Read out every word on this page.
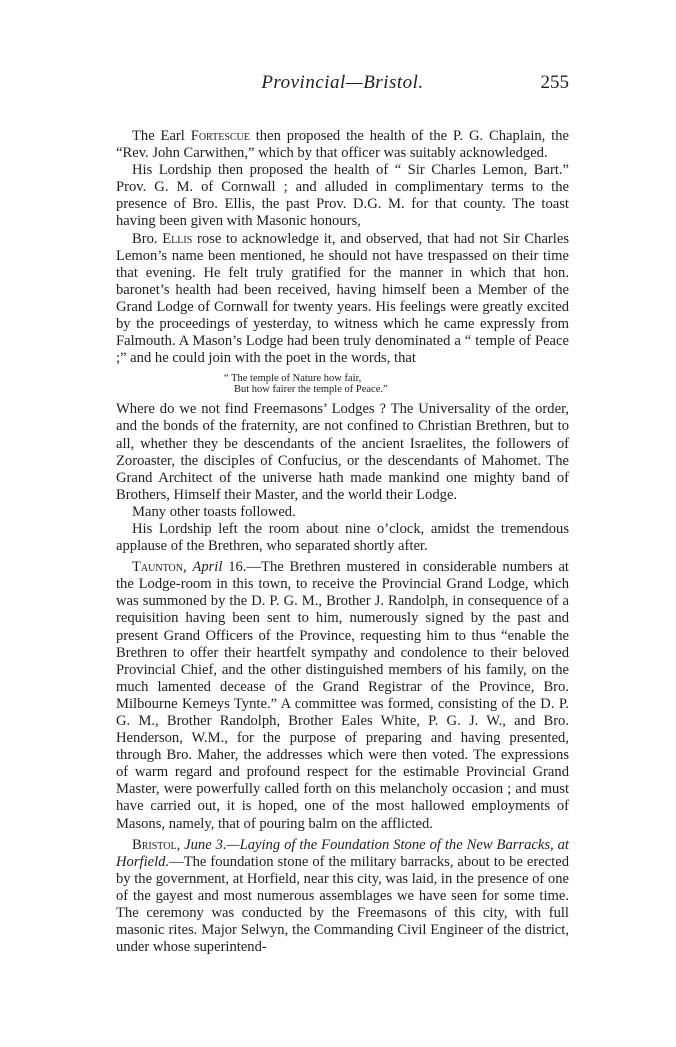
Provincial—Bristol.	255

The Earl Fortescue then proposed the health of the P. G. Chaplain, the “Rev. John Carwithen,” which by that officer was suitably acknowledged.

His Lordship then proposed the health of “ Sir Charles Lemon, Bart.” Prov. G. M. of Cornwall ; and alluded in complimentary terms to the presence of Bro. Ellis, the past Prov. D.G. M. for that county. The toast having been given with Masonic honours,

Bro. Ellis rose to acknowledge it, and observed, that had not Sir Charles Lemon’s name been mentioned, he should not have trespassed on their time that evening. He felt truly gratified for the manner in which that hon. baronet’s health had been received, having himself been a Member of the Grand Lodge of Cornwall for twenty years. His feelings were greatly excited by the proceedings of yesterday, to witness which he came expressly from Falmouth. A Mason’s Lodge had been truly denominated a “ temple of Peace ;” and he could join with the poet in the words, that

“ The temple of Nature how fair,
But how fairer the temple of Peace.”

Where do we not find Freemasons’ Lodges ? The Universality of the order, and the bonds of the fraternity, are not confined to Christian Brethren, but to all, whether they be descendants of the ancient Israelites, the followers of Zoroaster, the disciples of Confucius, or the descendants of Mahomet. The Grand Architect of the universe hath made mankind one mighty band of Brothers, Himself their Master, and the world their Lodge.

Many other toasts followed.

His Lordship left the room about nine o’clock, amidst the tremendous applause of the Brethren, who separated shortly after.

Taunton, April 16.—The Brethren mustered in considerable numbers at the Lodge-room in this town, to receive the Provincial Grand Lodge, which was summoned by the D. P. G. M., Brother J. Randolph, in consequence of a requisition having been sent to him, numerously signed by the past and present Grand Officers of the Province, requesting him to thus “enable the Brethren to offer their heartfelt sympathy and condolence to their beloved Provincial Chief, and the other distinguished members of his family, on the much lamented decease of the Grand Registrar of the Province, Bro. Milbourne Kemeys Tynte.” A committee was formed, consisting of the D. P. G. M., Brother Randolph, Brother Eales White, P. G. J. W., and Bro. Henderson, W.M., for the purpose of preparing and having presented, through Bro. Maher, the addresses which were then voted. The expressions of warm regard and profound respect for the estimable Provincial Grand Master, were powerfully called forth on this melancholy occasion ; and must have carried out, it is hoped, one of the most hallowed employments of Masons, namely, that of pouring balm on the afflicted.

Bristol, June 3.—Laying of the Foundation Stone of the New Barracks, at Horfield.—The foundation stone of the military barracks, about to be erected by the government, at Horfield, near this city, was laid, in the presence of one of the gayest and most numerous assemblages we have seen for some time. The ceremony was conducted by the Freemasons of this city, with full masonic rites. Major Selwyn, the Commanding Civil Engineer of the district, under whose superintend-
